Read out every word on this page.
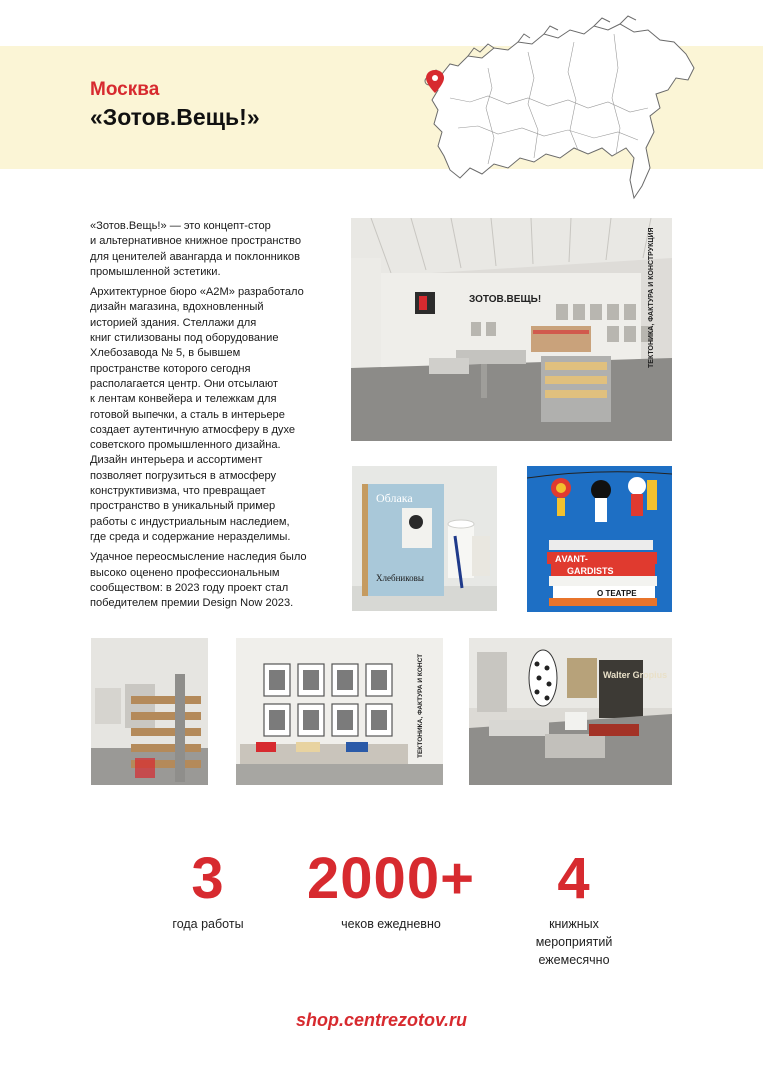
Москва
«Зотов.Вещь!»

«Зотов.Вещь!» — это концепт-стор
и альтернативное книжное пространство
для ценителей авангарда и поклонников
промышленной эстетики.

Архитектурное бюро «А2М» разработало
дизайн магазина, вдохновленный
историей здания. Стеллажи для
книг стилизованы под оборудование
Хлебозавода № 5, в бывшем
пространстве которого сегодня
располагается центр. Они отсылают
к лентам конвейера и тележкам для
готовой выпечки, а сталь в интерьере
создает аутентичную атмосферу в духе
советского промышленного дизайна.
Дизайн интерьера и ассортимент
позволяет погрузиться в атмосферу
конструктивизма, что превращает
пространство в уникальный пример
работы с индустриальным наследием,
где среда и содержание неразделимы.

Удачное переосмысление наследия было
высоко оценено профессиональным
сообществом: в 2023 году проект стал
победителем премии Design Now 2023.

ЗОТОВ.ВЕЩЬ!	ТЕКТОНИКА, ФАКТУРА И КОНСТРУКЦИЯ
Облака
Хлебниковы
АVANT-
GARDISTS
О ТЕАТРЕ
ТЕКТОНИКА, ФАКТУРА И КОНСТ	Walter Gropius
3
года работы
2000+
чеков ежедневно
4
книжных
мероприятий
ежемесячно
shop.centrezotov.ru
